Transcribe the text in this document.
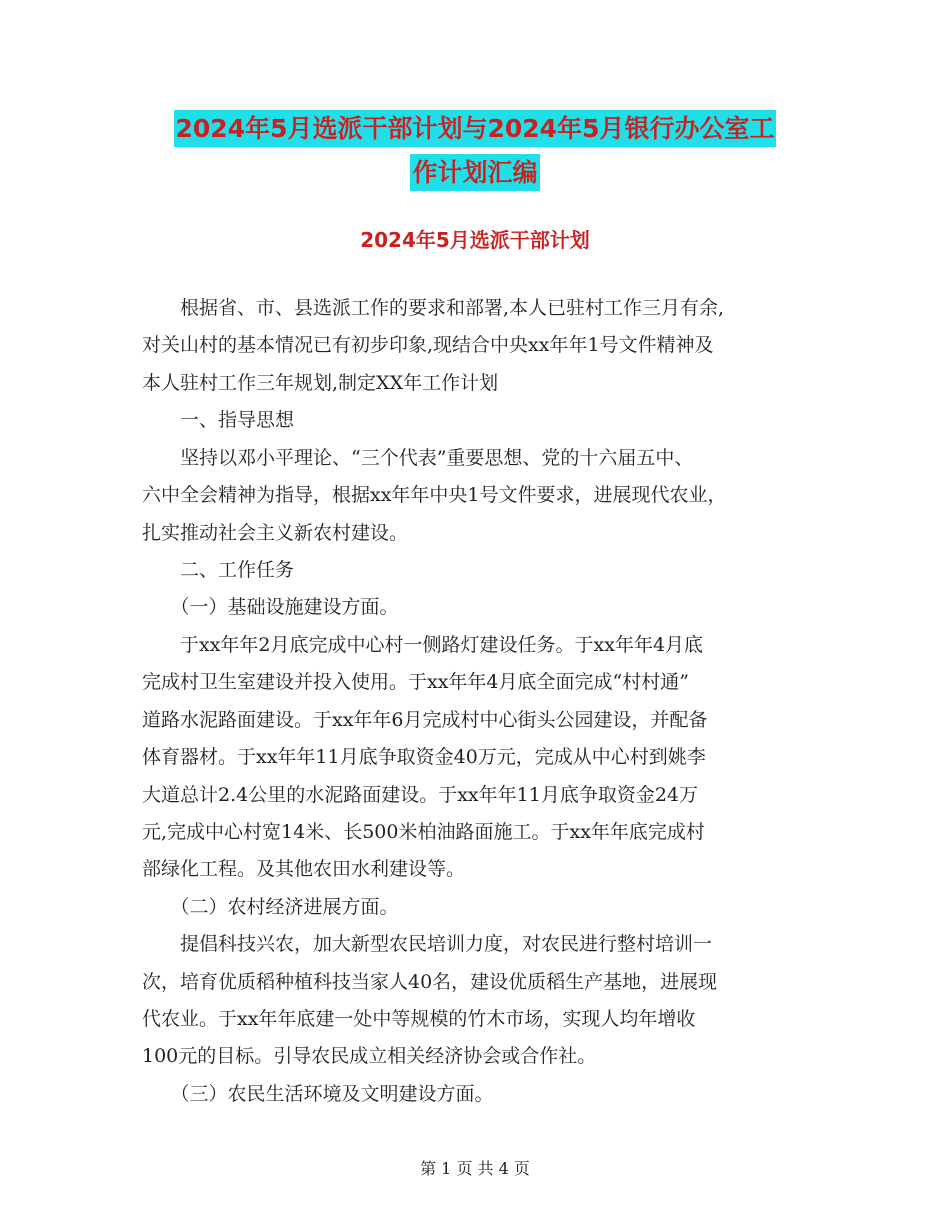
2024年5月选派干部计划与2024年5月银行办公室工
作计划汇编
2024年5月选派干部计划
　　根据省、市、县选派工作的要求和部署,本人已驻村工作三月有余,
对关山村的基本情况已有初步印象,现结合中央xx年年1号文件精神及
本人驻村工作三年规划,制定XX年工作计划
　　一、指导思想
　　坚持以邓小平理论、“三个代表”重要思想、党的十六届五中、
六中全会精神为指导，根据xx年年中央1号文件要求，进展现代农业，
扎实推动社会主义新农村建设。
　　二、工作任务
　　（一）基础设施建设方面。
　　于xx年年2月底完成中心村一侧路灯建设任务。于xx年年4月底
完成村卫生室建设并投入使用。于xx年年4月底全面完成“村村通”
道路水泥路面建设。于xx年年6月完成村中心街头公园建设，并配备
体育器材。于xx年年11月底争取资金40万元，完成从中心村到姚李
大道总计2.4公里的水泥路面建设。于xx年年11月底争取资金24万
元,完成中心村宽14米、长500米柏油路面施工。于xx年年底完成村
部绿化工程。及其他农田水利建设等。
　　（二）农村经济进展方面。
　　提倡科技兴农，加大新型农民培训力度，对农民进行整村培训一
次，培育优质稻种植科技当家人40名，建设优质稻生产基地，进展现
代农业。于xx年年底建一处中等规模的竹木市场，实现人均年增收
100元的目标。引导农民成立相关经济协会或合作社。
　　（三）农民生活环境及文明建设方面。
第 1 页 共 4 页
